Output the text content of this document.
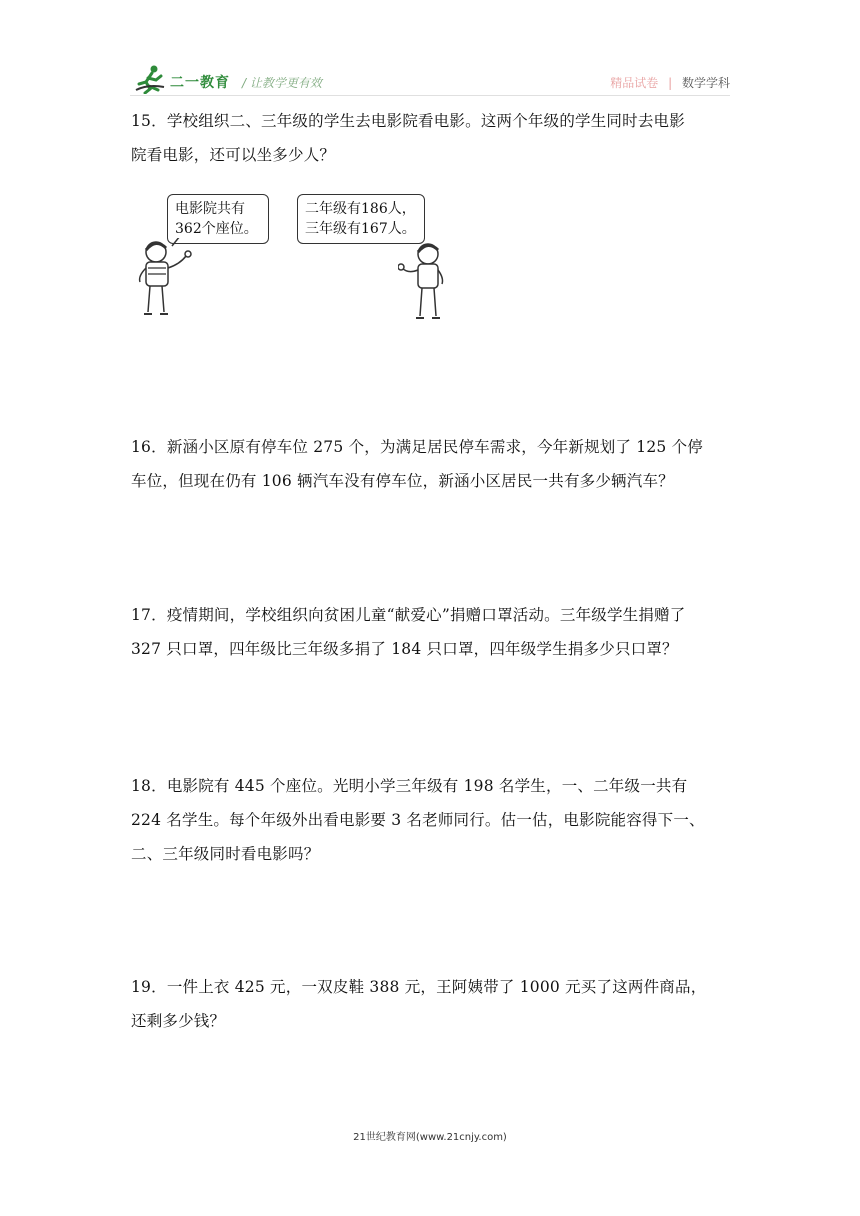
二一教育 / 让教学更有效	精品试卷 | 数学学科

15．学校组织二、三年级的学生去电影院看电影。这两个年级的学生同时去电影

院看电影，还可以坐多少人？

电影院共有
362个座位。
二年级有186人，
三年级有167人。

16．新涵小区原有停车位 275 个，为满足居民停车需求，今年新规划了 125 个停

车位，但现在仍有 106 辆汽车没有停车位，新涵小区居民一共有多少辆汽车？

17．疫情期间，学校组织向贫困儿童“献爱心”捐赠口罩活动。三年级学生捐赠了

327 只口罩，四年级比三年级多捐了 184 只口罩，四年级学生捐多少只口罩？

18．电影院有 445 个座位。光明小学三年级有 198 名学生，一、二年级一共有

224 名学生。每个年级外出看电影要 3 名老师同行。估一估，电影院能容得下一、

二、三年级同时看电影吗？

19．一件上衣 425 元，一双皮鞋 388 元，王阿姨带了 1000 元买了这两件商品，

还剩多少钱？

21世纪教育网(www.21cnjy.com)
